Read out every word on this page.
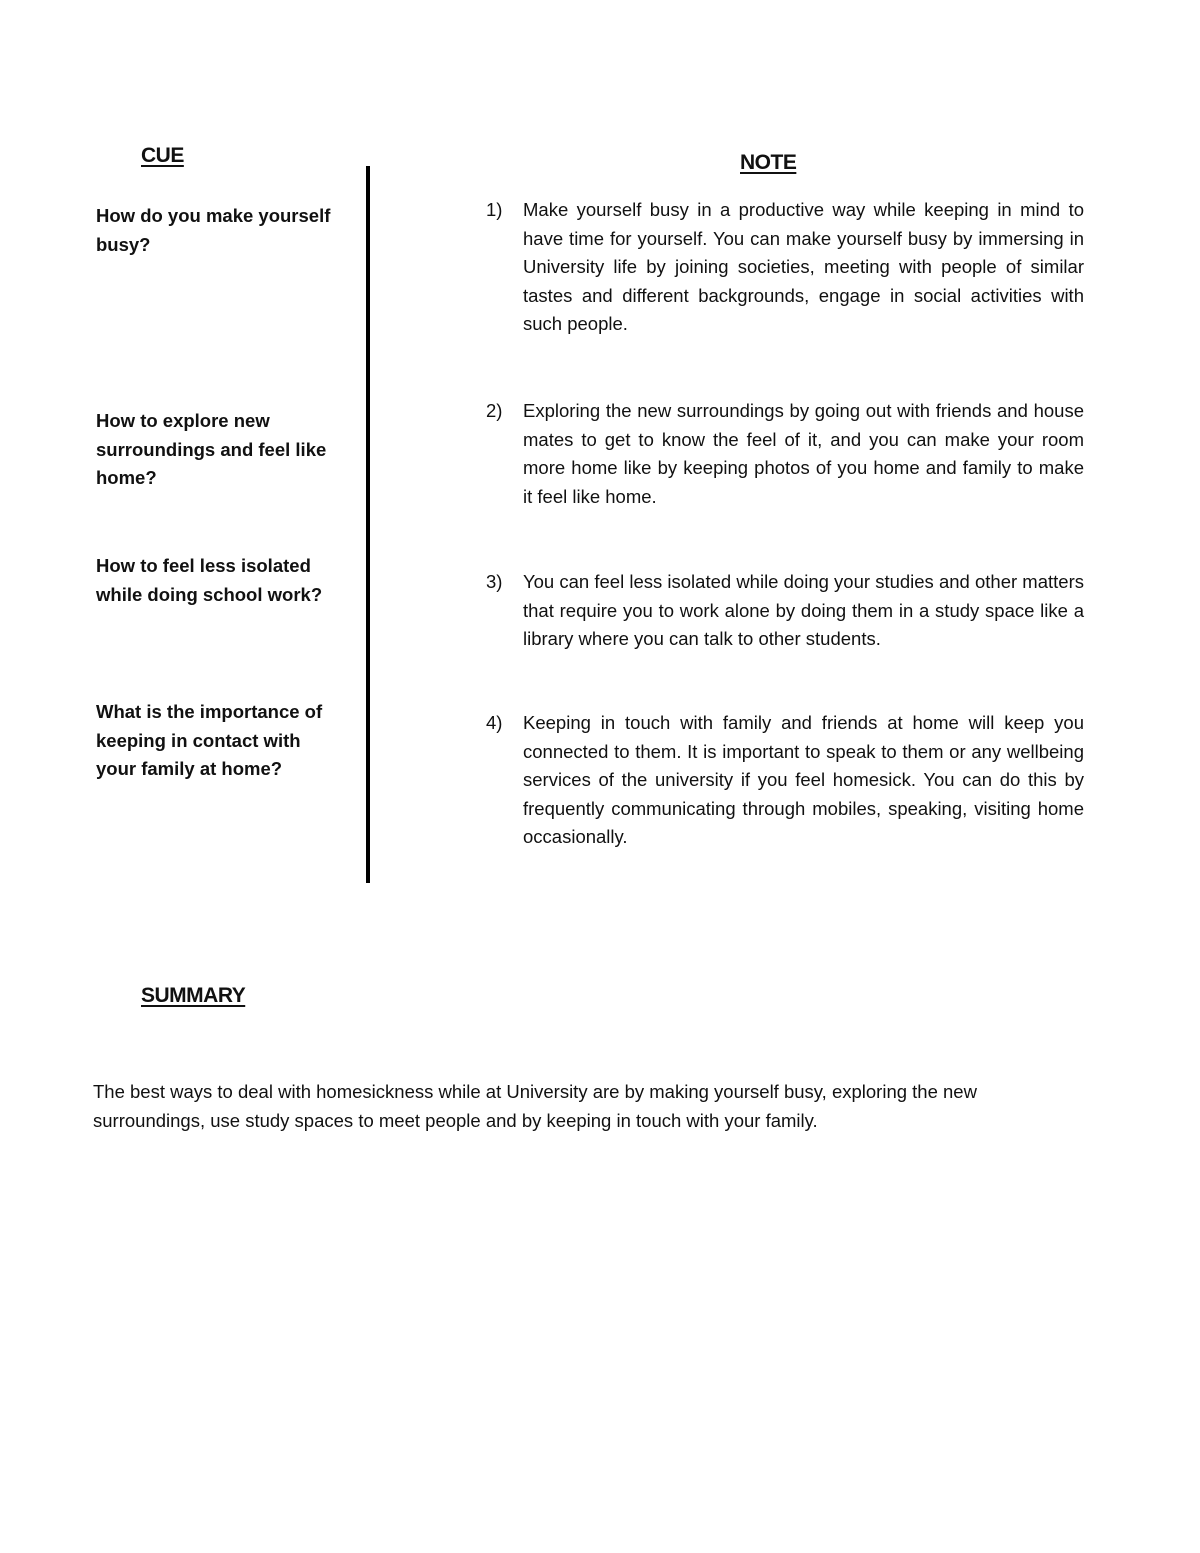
CUE	NOTE
How do you make yourself busy?
How to explore new surroundings and feel like home?
How to feel less isolated while doing school work?
What is the importance of keeping in contact with your family at home?
1) Make yourself busy in a productive way while keeping in mind to have time for yourself. You can make yourself busy by immersing in University life by joining societies, meeting with people of similar tastes and different backgrounds, engage in social activities with such people.
2) Exploring the new surroundings by going out with friends and house mates to get to know the feel of it, and you can make your room more home like by keeping photos of you home and family to make it feel like home.
3) You can feel less isolated while doing your studies and other matters that require you to work alone by doing them in a study space like a library where you can talk to other students.
4) Keeping in touch with family and friends at home will keep you connected to them. It is important to speak to them or any wellbeing services of the university if you feel homesick. You can do this by frequently communicating through mobiles, speaking, visiting home occasionally.
SUMMARY
The best ways to deal with homesickness while at University are by making yourself busy, exploring the new surroundings, use study spaces to meet people and by keeping in touch with your family.
